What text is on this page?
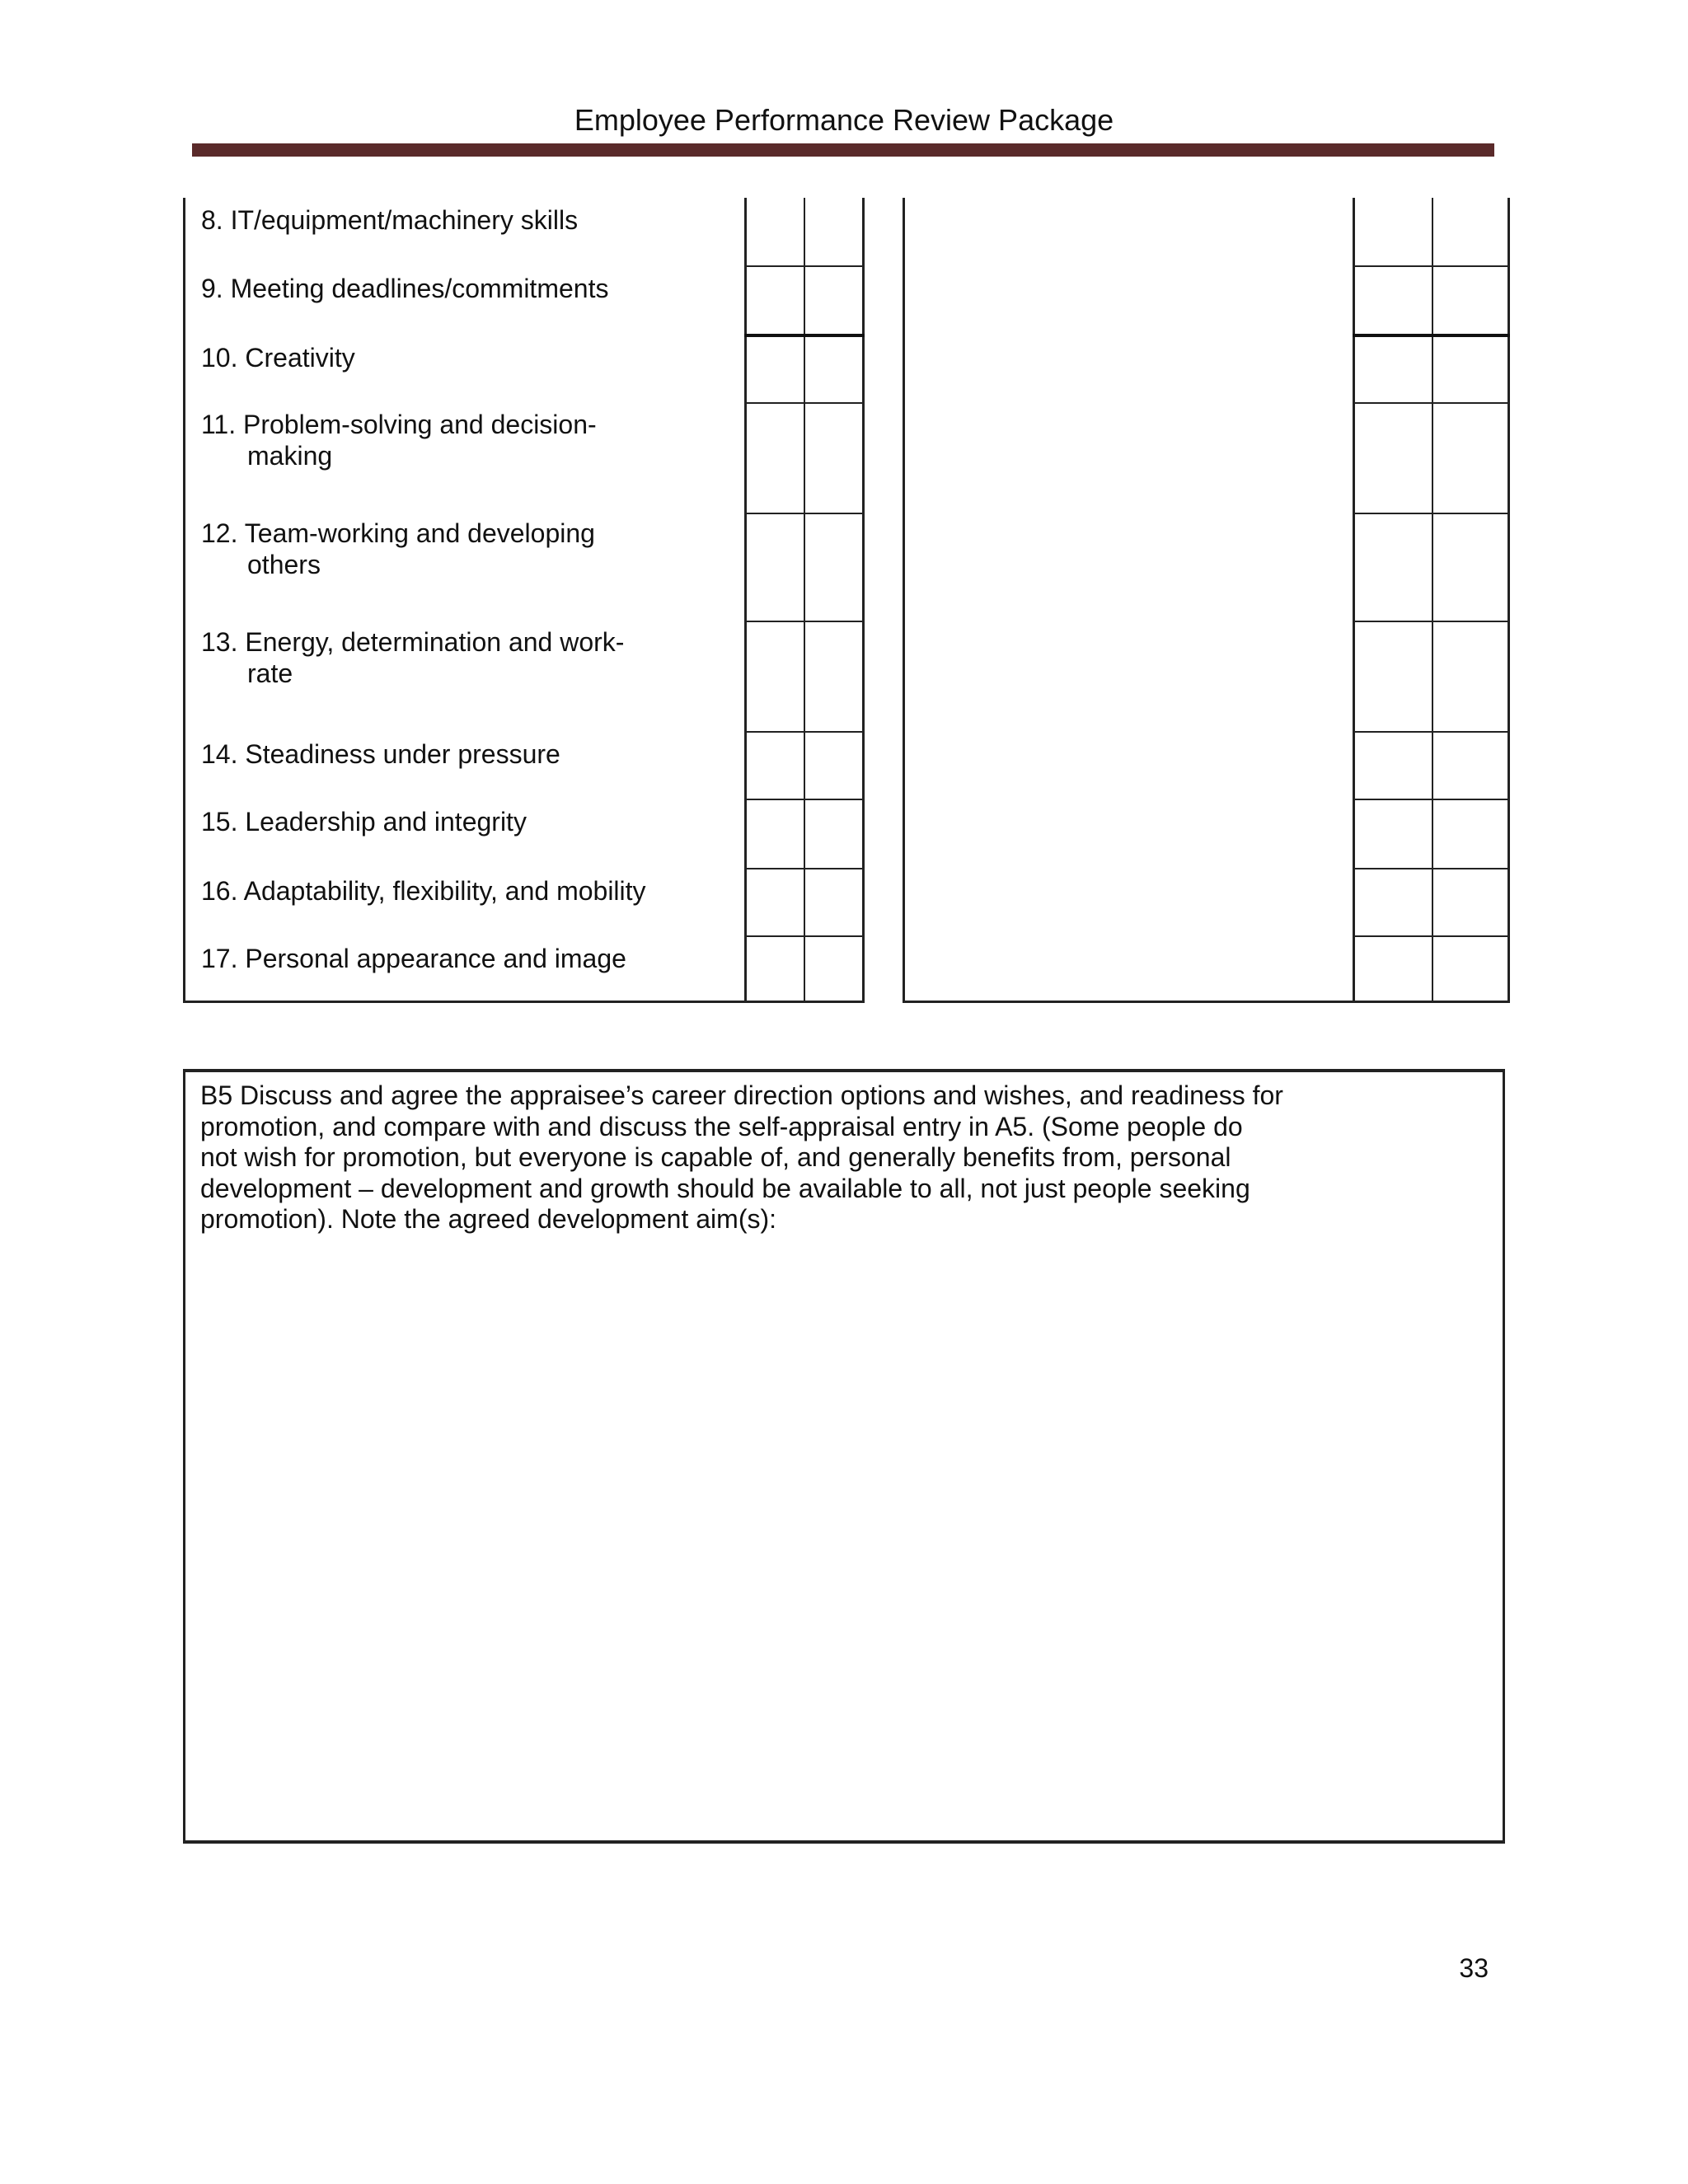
Employee Performance Review Package
8. IT/equipment/machinery skills
9. Meeting deadlines/commitments
10. Creativity
11. Problem-solving and decision-
making
12. Team-working and developing
others
13. Energy, determination and work-
rate
14. Steadiness under pressure
15. Leadership and integrity
16. Adaptability, flexibility, and mobility
17. Personal appearance and image
B5 Discuss and agree the appraisee’s career direction options and wishes, and readiness for
promotion, and compare with and discuss the self-appraisal entry in A5. (Some people do
not wish for promotion, but everyone is capable of, and generally benefits from, personal
development – development and growth should be available to all, not just people seeking
promotion). Note the agreed development aim(s):
33
